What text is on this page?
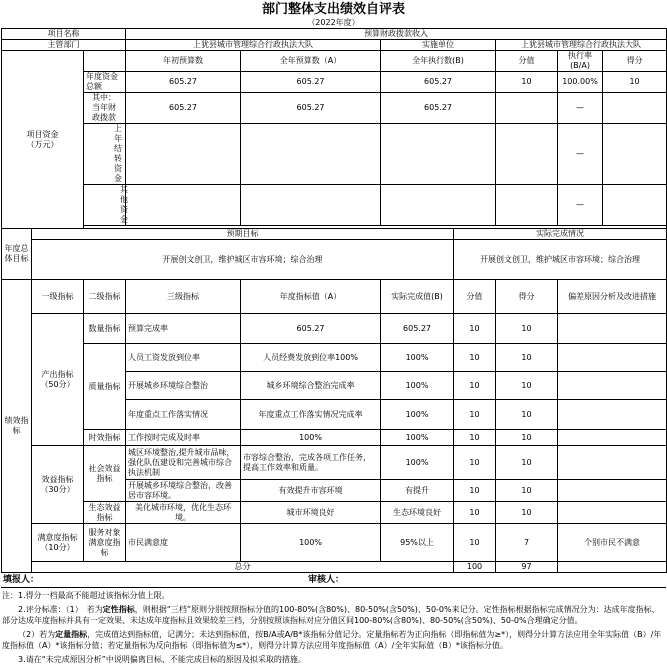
部门整体支出绩效自评表
（2022年度）
项目名称			预算财政拨款收入						
主管部门			上犹县城市管理综合行政执法大队		实施单位		上犹县城市管理综合行政执法大队		
项目资金
（万元）			年初预算数	全年预算数（A）	全年执行数(B)		分值	执行率(B/A)	得分
		年度资金总额	605.27	605.27	605.27		10	100.00%	10
		其中：当年财政拨款	605.27	605.27	605.27			—	
		上年结转资金						—	
		其他资金						—	

年度总体目标	预期目标					实际完成情况			
	开展创文创卫，维护城区市容环境；综合治理					开展创文创卫，维护城区市容环境；综合治理			
绩效指标	一级指标	二级指标	三级指标	年度指标值（A）	实际完成值(B)	分值	得分	偏差原因分析及改进措施	
	产出指标（50分）	数量指标	预算完成率	605.27	605.27	10	10		
		质量指标	人员工资发放到位率	人员经费发放到位率100%	100%	10	10		
			开展城乡环境综合整治	城乡环境综合整治完成率	100%	10	10		
			年度重点工作落实情况	年度重点工作落实情况完成率	100%	10	10		
		时效指标	工作按时完成及时率	100%	100%	10	10		
	效益指标（30分）	社会效益指标	城区环境整治,提升城市品味，强化队伍建设和完善城市综合执法机制	市容综合整治，完成各项工作任务，提高工作效率和质量。	100%	10	10		
			开展城乡环境综合整治，改善居市容环境。	有效提升市容环境	有提升	10	10		
		生态效益指标	美化城市环境，优化生态环境。	城市环境良好	生态环境良好	10	10		
	满意度指标（10分）	服务对象满意度指标	市民满意度	100%	95%以上	10	7	个别市民不满意	
	总分					100	97		
填报人：	审核人：

注：1.得分一档最高不能超过该指标分值上限。

2.评分标准：（1）　若为定性指标，则根据“三档”原则分别按照指标分值的100-80%(含80%)、80-50%(含50%)、50-0%来记分。定性指标根据指标完成情况分为：达成年度指标、部分达成年度指标并具有一定效果、未达成年度指标且效果较差三档，分别按照该指标对应分值区间100-80%(含80%)、80-50%(含50%)、50-0%合理确定分值。

（2）若为定量指标，完成值达到指标值，记满分；未达到指标值，按B/A或A/B*该指标分值记分。定量指标若为正向指标（即指标值为≥*），则得分计算方法应用全年实际值（B）/年度指标值（A）*该指标分值；若定量指标为反向指标（即指标值为≤*），则得分计算方法应用年度指标值（A）/全年实际值（B）*该指标分值。

3.请在“未完成原因分析”中说明偏离目标、不能完成目标的原因及拟采取的措施。
